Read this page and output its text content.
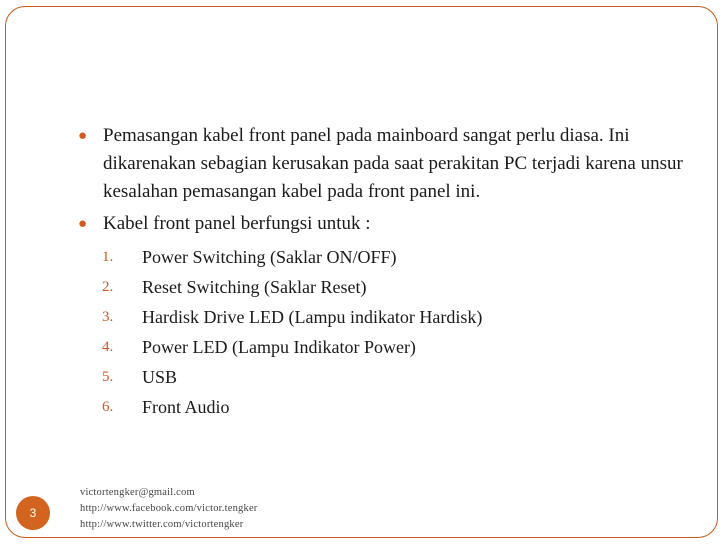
● Pemasangan kabel front panel pada mainboard sangat perlu diasa. Ini dikarenakan sebagian kerusakan pada saat perakitan PC terjadi karena unsur kesalahan pemasangan kabel pada front panel ini.
● Kabel front panel berfungsi untuk :
1. Power Switching (Saklar ON/OFF)
2. Reset Switching (Saklar Reset)
3. Hardisk Drive LED (Lampu indikator Hardisk)
4. Power LED (Lampu Indikator Power)
5. USB
6. Front Audio
3
victortengker@gmail.com
http://www.facebook.com/victor.tengker
http://www.twitter.com/victortengker
